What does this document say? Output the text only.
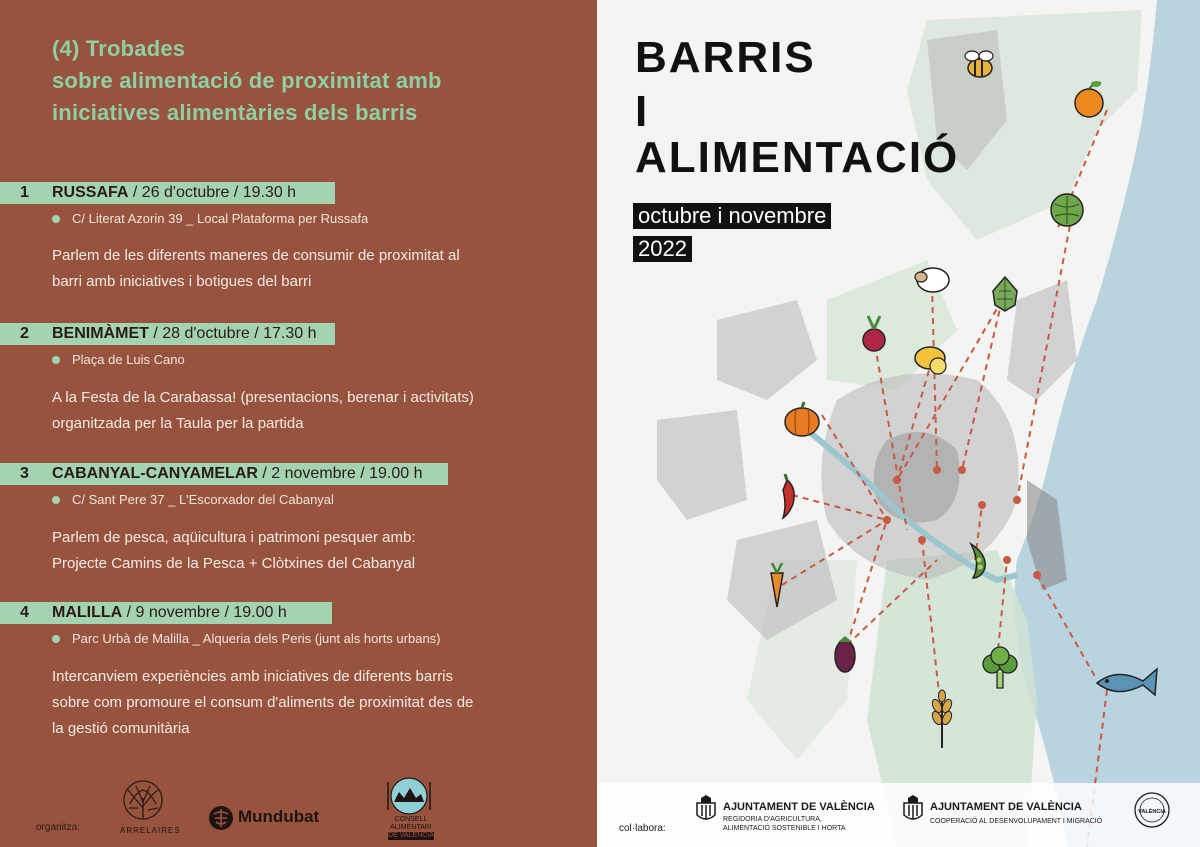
(4) Trobades
sobre alimentació de proximitat amb
iniciatives alimentàries dels barris
1 RUSSAFA / 26 d'octubre / 19.30 h
C/ Literat Azorin 39 _ Local Plataforma per Russafa
Parlem de les diferents maneres de consumir de proximitat al
barri amb iniciatives i botigues del barri
2 BENIMÀMET / 28 d'octubre / 17.30 h
Plaça de Luis Cano
A la Festa de la Carabassa! (presentacions, berenar i activitats)
organitzada per la Taula per la partida
3 CABANYAL-CANYAMELAR / 2 novembre / 19.00 h
C/ Sant Pere 37 _ L'Escorxador del Cabanyal
Parlem de pesca, aqüicultura i patrimoni pesquer amb:
Projecte Camins de la Pesca + Clòtxines del Cabanyal
4 MALILLA / 9 novembre / 19.00 h
Parc Urbà de Malilla _ Alqueria dels Peris (junt als horts urbans)
Intercanviem experiències amb iniciatives de diferents barris
sobre com promoure el consum d'aliments de proximitat des de
la gestió comunitària
organitza:	ARRELAIRES
Mundubat	CONSELL
ALIMENTARI
DE VALÈNCIA
BARRIS
I
ALIMENTACIÓ
octubre i novembre
2022
col·labora:
AJUNTAMENT DE VALÈNCIA
REGIDORIA D'AGRICULTURA,
ALIMENTACIÓ SOSTENIBLE I HORTA
AJUNTAMENT DE VALÈNCIA
COOPERACIÓ AL DESENVOLUPAMENT I MIGRACIÓ
VALÈNCIA
